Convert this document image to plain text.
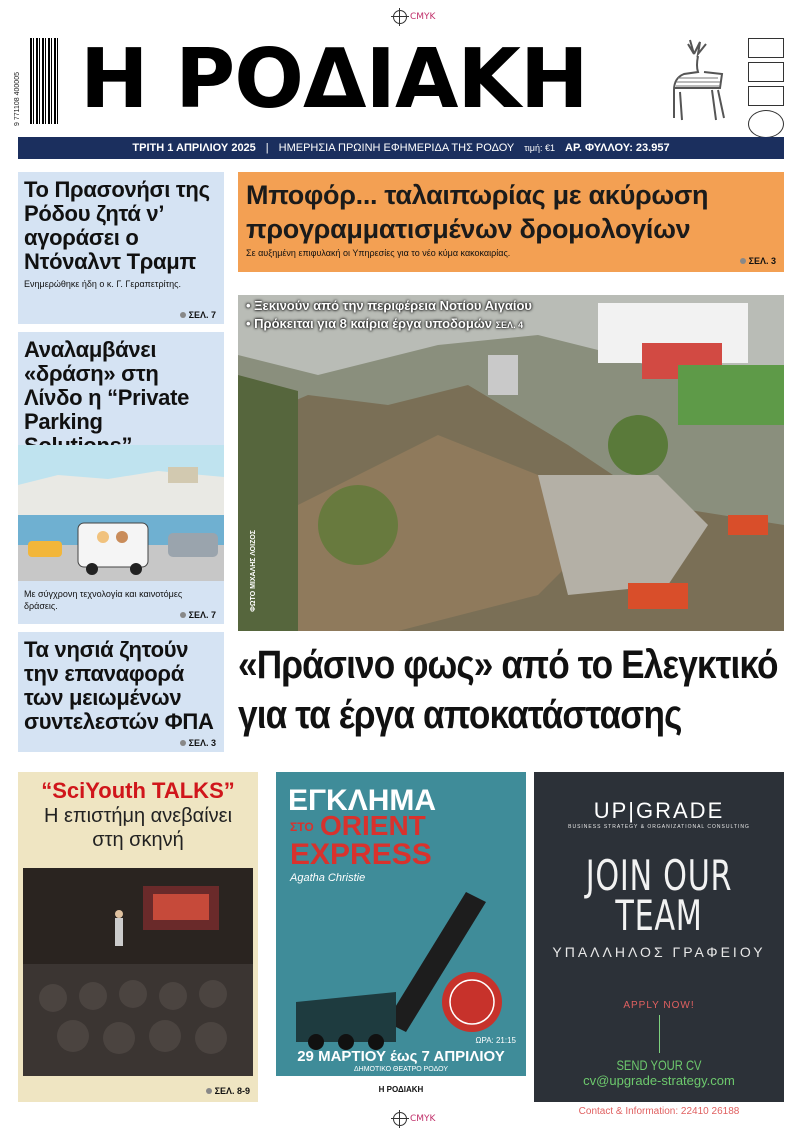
CMYK
CMYK
9 771108 400005 Η ΡΟΔΙΑΚΗ
ΤΡΙΤΗ 1 ΑΠΡΙΛΙΟΥ 2025 | ΗΜΕΡΗΣΙΑ ΠΡΩΙΝΗ ΕΦΗΜΕΡΙΔΑ ΤΗΣ ΡΟΔΟΥ τιμή: €1 ΑΡ. ΦΥΛΛΟΥ: 23.957
Το Πρασονήσι της Ρόδου ζητά ν’ αγοράσει ο Ντόναλντ Τραμπ

Ενημερώθηκε ήδη ο κ. Γ. Γεραπετρίτης.

ΣΕΛ. 7
Αναλαμβάνει «δράση» στη Λίνδο η “Private Parking

Με σύγχρονη τεχνολογία και καινοτόμες δράσεις.

ΣΕΛ. 7
Τα νησιά ζητούν την επαναφορά των μειωμένων συντελεστών ΦΠΑ
ΣΕΛ. 3
Μποφόρ... ταλαιπωρίας με ακύρωση προγραμματισμένων δρομολογίων

Σε αυξημένη επιφυλακή οι Υπηρεσίες για το νέο κύμα κακοκαιρίας.

ΣΕΛ. 3
• Ξεκινούν από την περιφέρεια Νοτίου Αιγαίου
• Πρόκειται για 8 καίρια έργα υποδομών ΣΕΛ. 4
ΦΩΤΟ ΜΙΧΑΛΗΣ ΛΟΙΖΟΣ
«Πράσινο φως» από το Ελεγκτικό
για τα έργα αποκατάστασης
“SciYouth TALKS”
Η επιστήμη ανεβαίνει
στη σκηνή
ΣΕΛ. 8-9
ΕΓΚΛΗΜΑ
ΣΤΟ ORIENT
EXPRESS
Agatha Christie
29 ΜΑΡΤΙΟΥ έως 7 ΑΠΡΙΛΙΟΥ
ΩΡΑ: 21:15
ΔΗΜΟΤΙΚΟ ΘΕΑΤΡΟ ΡΟΔΟΥ
Η ΡΟΔΙΑΚΗ
UP|GRADE
BUSINESS STRATEGY & ORGANIZATIONAL CONSULTING
JOIN OUR TEAM
ΥΠΑΛΛΗΛΟΣ ΓΡΑΦΕΙΟΥ
APPLY NOW!
SEND YOUR CV
cv@upgrade-strategy.com
Contact & Information: 22410 26188
